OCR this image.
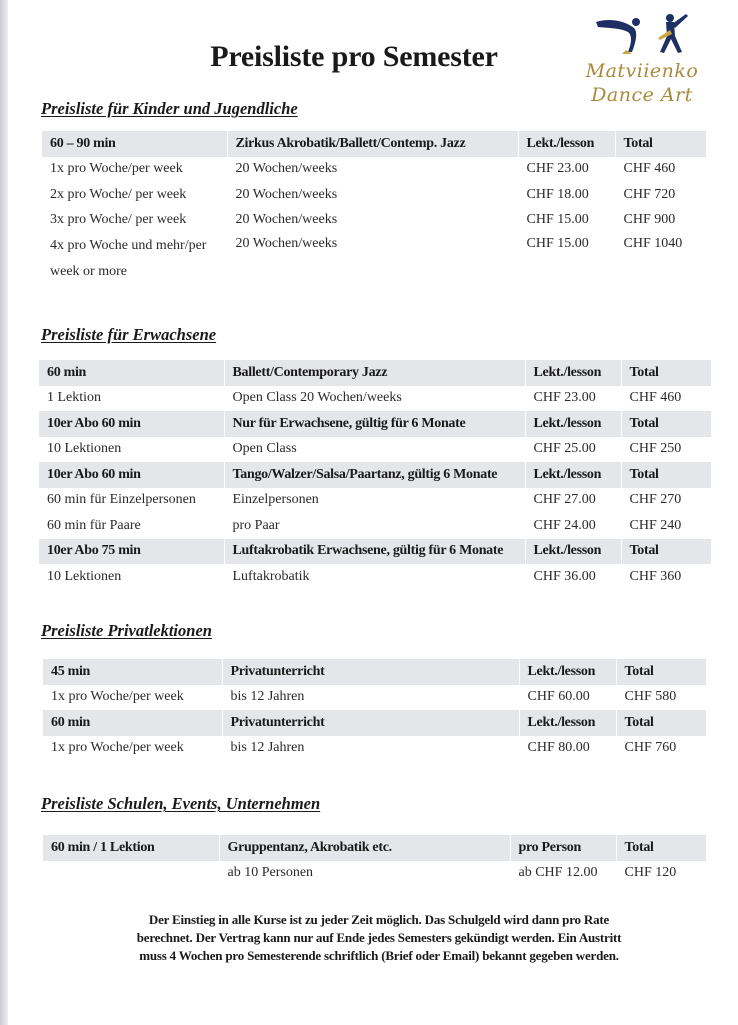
Preisliste pro Semester	Matviienko
Dance Art
Preisliste für Kinder und Jugendliche
60 – 90 min	Zirkus Akrobatik/Ballett/Contemp. Jazz	Lekt./lesson	Total
1x pro Woche/per week	20 Wochen/weeks	CHF 23.00	CHF 460
2x pro Woche/ per week	20 Wochen/weeks	CHF 18.00	CHF 720
3x pro Woche/ per week	20 Wochen/weeks	CHF 15.00	CHF 900
4x pro Woche und mehr/per week or more	20 Wochen/weeks	CHF 15.00	CHF 1040
Preisliste für Erwachsene
60 min	Ballett/Contemporary Jazz	Lekt./lesson	Total
1 Lektion	Open Class 20 Wochen/weeks	CHF 23.00	CHF 460
10er Abo 60 min	Nur für Erwachsene, gültig für 6 Monate	Lekt./lesson	Total
10 Lektionen	Open Class	CHF 25.00	CHF 250
10er Abo 60 min	Tango/Walzer/Salsa/Paartanz, gültig 6 Monate	Lekt./lesson	Total
60 min für Einzelpersonen	Einzelpersonen	CHF 27.00	CHF 270
60 min für Paare	pro Paar	CHF 24.00	CHF 240
10er Abo 75 min	Luftakrobatik Erwachsene, gültig für 6 Monate	Lekt./lesson	Total
10 Lektionen	Luftakrobatik	CHF 36.00	CHF 360
Preisliste Privatlektionen
45 min	Privatunterricht	Lekt./lesson	Total
1x pro Woche/per week	bis 12 Jahren	CHF 60.00	CHF 580
60 min	Privatunterricht	Lekt./lesson	Total
1x pro Woche/per week	bis 12 Jahren	CHF 80.00	CHF 760
Preisliste Schulen, Events, Unternehmen
60 min / 1 Lektion	Gruppentanz, Akrobatik etc.	pro Person	Total
	ab 10 Personen	ab CHF 12.00	CHF 120
Der Einstieg in alle Kurse ist zu jeder Zeit möglich. Das Schulgeld wird dann pro Rate
berechnet. Der Vertrag kann nur auf Ende jedes Semesters gekündigt werden. Ein Austritt
muss 4 Wochen pro Semesterende schriftlich (Brief oder Email) bekannt gegeben werden.
